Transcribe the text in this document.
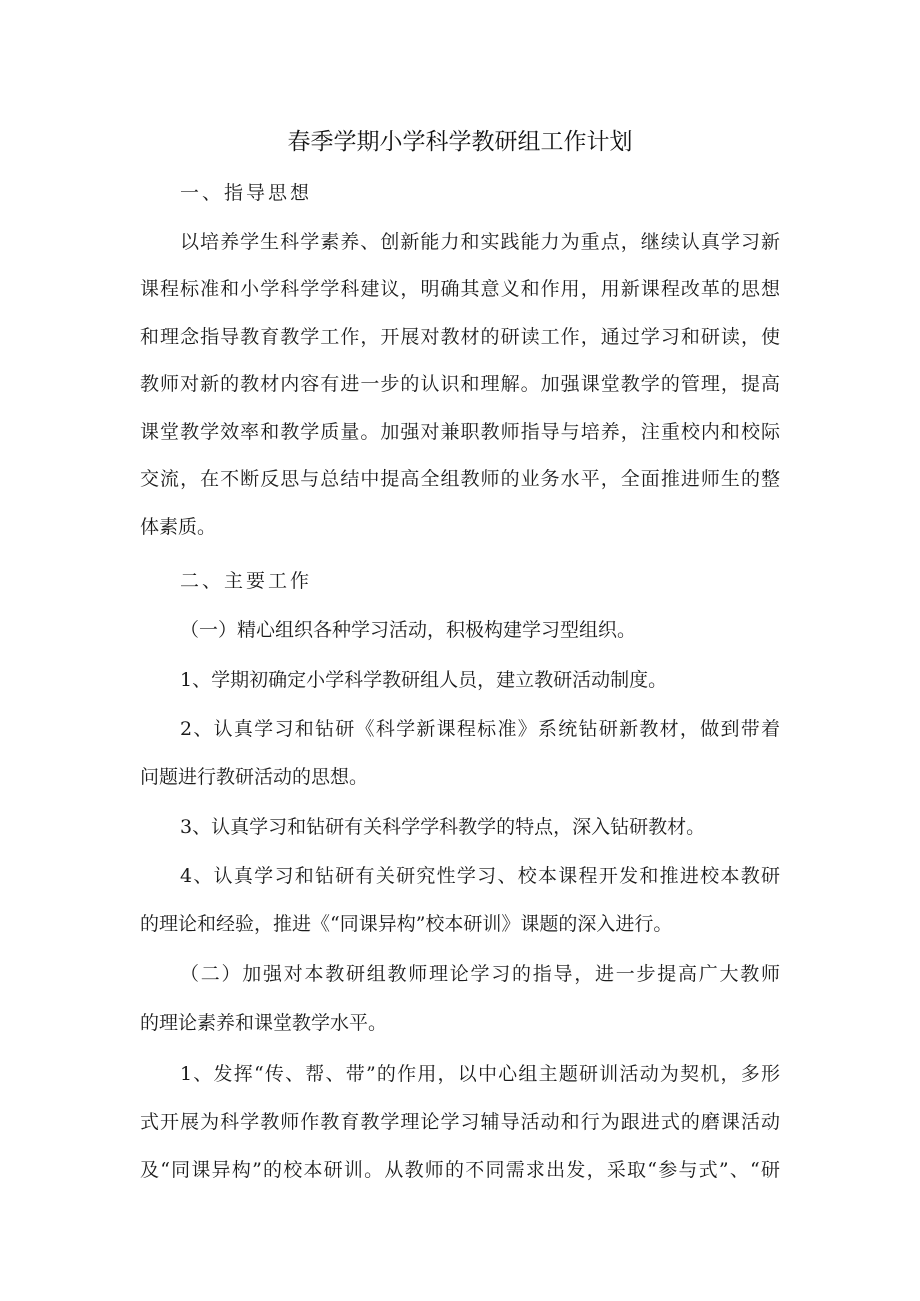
春季学期小学科学教研组工作计划

一、指导思想

以培养学生科学素养、创新能力和实践能力为重点，继续认真学习新

课程标准和小学科学学科建议，明确其意义和作用，用新课程改革的思想

和理念指导教育教学工作，开展对教材的研读工作，通过学习和研读，使

教师对新的教材内容有进一步的认识和理解。加强课堂教学的管理，提高

课堂教学效率和教学质量。加强对兼职教师指导与培养，注重校内和校际

交流，在不断反思与总结中提高全组教师的业务水平，全面推进师生的整

体素质。

二、主要工作

（一）精心组织各种学习活动，积极构建学习型组织。

1、学期初确定小学科学教研组人员，建立教研活动制度。

2、认真学习和钻研《科学新课程标准》系统钻研新教材，做到带着

问题进行教研活动的思想。

3、认真学习和钻研有关科学学科教学的特点，深入钻研教材。

4、认真学习和钻研有关研究性学习、校本课程开发和推进校本教研

的理论和经验，推进《“同课异构”校本研训》课题的深入进行。

（二）加强对本教研组教师理论学习的指导，进一步提高广大教师

的理论素养和课堂教学水平。

1、发挥“传、帮、带”的作用，以中心组主题研训活动为契机，多形

式开展为科学教师作教育教学理论学习辅导活动和行为跟进式的磨课活动

及“同课异构”的校本研训。从教师的不同需求出发，采取“参与式”、“研
